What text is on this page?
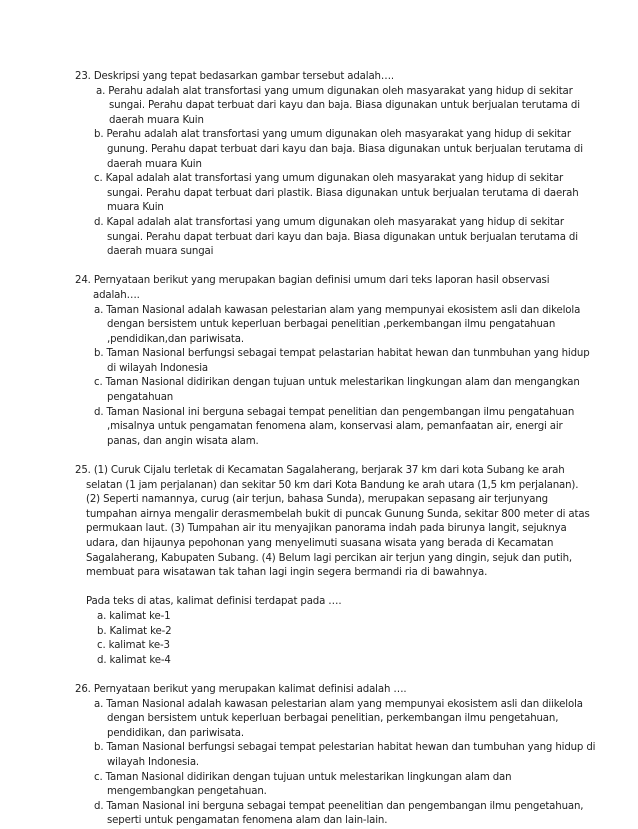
23. Deskripsi yang tepat bedasarkan gambar tersebut adalah….

a. Perahu adalah alat transfortasi yang umum digunakan oleh masyarakat yang hidup di sekitar sungai. Perahu dapat terbuat dari kayu dan baja. Biasa digunakan untuk berjualan terutama di daerah muara Kuin

b. Perahu adalah alat transfortasi yang umum digunakan oleh masyarakat yang hidup di sekitar gunung. Perahu dapat terbuat dari kayu dan baja. Biasa digunakan untuk berjualan terutama di daerah muara Kuin

c. Kapal adalah alat transfortasi yang umum digunakan oleh masyarakat yang hidup di sekitar sungai. Perahu dapat terbuat dari plastik. Biasa digunakan untuk berjualan terutama di daerah muara Kuin

d. Kapal adalah alat transfortasi yang umum digunakan oleh masyarakat yang hidup di sekitar sungai. Perahu dapat terbuat dari kayu dan baja. Biasa digunakan untuk berjualan terutama di daerah muara sungai

24. Pernyataan berikut yang merupakan bagian definisi umum dari teks laporan hasil observasi adalah….

a. Taman Nasional adalah kawasan pelestarian alam yang mempunyai ekosistem asli dan dikelola dengan bersistem untuk keperluan berbagai penelitian ,perkembangan ilmu pengatahuan ,pendidikan,dan pariwisata.

b. Taman Nasional berfungsi sebagai tempat pelastarian habitat hewan dan tunmbuhan yang hidup di wilayah Indonesia

c. Taman Nasional didirikan dengan tujuan untuk melestarikan lingkungan alam dan mengangkan pengatahuan

d. Taman Nasional ini berguna sebagai tempat penelitian dan pengembangan ilmu pengatahuan ,misalnya untuk pengamatan fenomena alam, konservasi alam, pemanfaatan air, energi air panas, dan angin wisata alam.

25. (1) Curuk Cijalu terletak di Kecamatan Sagalaherang, berjarak 37 km dari kota Subang ke arah

selatan (1 jam perjalanan) dan sekitar 50 km dari Kota Bandung ke arah utara (1,5 km perjalanan).

(2) Seperti namannya, curug (air terjun, bahasa Sunda), merupakan sepasang air terjunyang

tumpahan airnya mengalir derasmembelah bukit di puncak Gunung Sunda, sekitar 800 meter di atas

permukaan laut. (3) Tumpahan air itu menyajikan panorama indah pada birunya langit, sejuknya

udara, dan hijaunya pepohonan yang menyelimuti suasana wisata yang berada di Kecamatan

Sagalaherang, Kabupaten Subang. (4) Belum lagi percikan air terjun yang dingin, sejuk dan putih,

membuat para wisatawan tak tahan lagi ingin segera bermandi ria di bawahnya.

Pada teks di atas, kalimat definisi terdapat pada ….

a. kalimat ke-1

b. Kalimat ke-2

c. kalimat ke-3

d. kalimat ke-4

26. Pernyataan berikut yang merupakan kalimat definisi adalah ….

a. Taman Nasional adalah kawasan pelestarian alam yang mempunyai ekosistem asli dan diikelola dengan bersistem untuk keperluan berbagai penelitian, perkembangan ilmu pengetahuan, pendidikan, dan pariwisata.

b. Taman Nasional berfungsi sebagai tempat pelestarian habitat hewan dan tumbuhan yang hidup di wilayah Indonesia.

c. Taman Nasional didirikan dengan tujuan untuk melestarikan lingkungan alam dan mengembangkan pengetahuan.

d. Taman Nasional ini berguna sebagai tempat peenelitian dan pengembangan ilmu pengetahuan, seperti untuk pengamatan fenomena alam dan lain-lain.
